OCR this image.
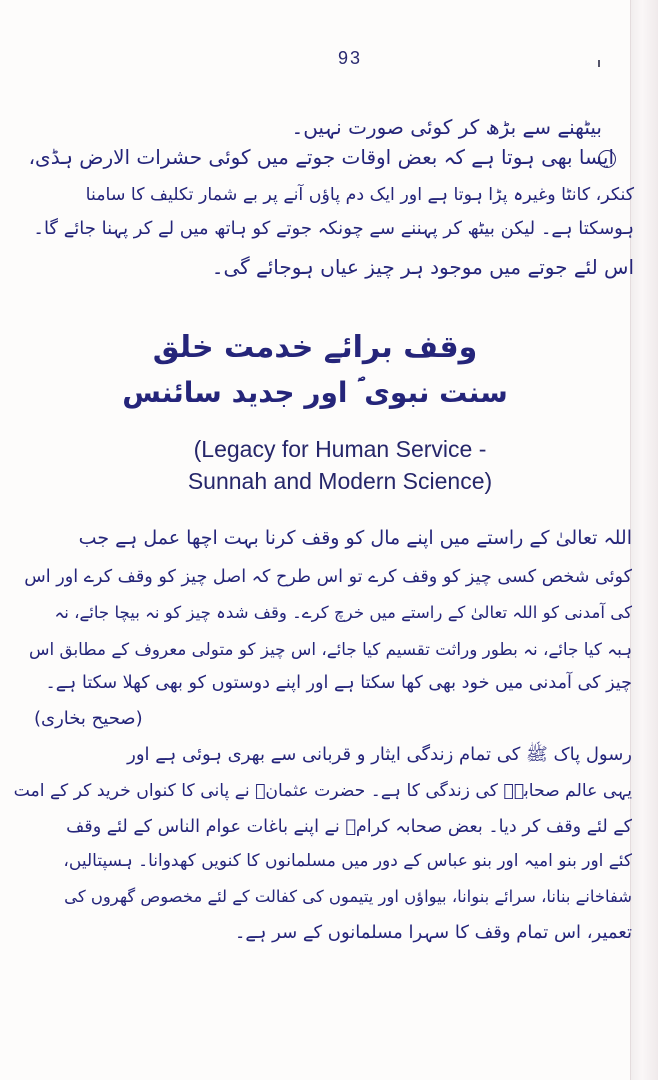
93
بیٹھنے سے بڑھ کر کوئی صورت نہیں۔
ایسا بھی ہوتا ہے کہ بعض اوقات جوتے میں کوئی حشرات الارض ہڈی،
کنکر، کانٹا وغیرہ پڑا ہوتا ہے اور ایک دم پاؤں آنے پر بے شمار تکلیف کا سامنا
ہوسکتا ہے۔ لیکن بیٹھ کر پہننے سے چونکہ جوتے کو ہاتھ میں لے کر پہنا جائے گا۔
اس لئے جوتے میں موجود ہر چیز عیاں ہوجائے گی۔
وقف برائے خدمت خلق
سنت نبوی ؐ اور جدید سائنس
(Legacy for Human Service -
Sunnah and Modern Science)
اللہ تعالیٰ کے راستے میں اپنے مال کو وقف کرنا بہت اچھا عمل ہے جب
کوئی شخص کسی چیز کو وقف کرے تو اس طرح کہ اصل چیز کو وقف کرے اور اس
کی آمدنی کو اللہ تعالیٰ کے راستے میں خرچ کرے۔ وقف شدہ چیز کو نہ بیچا جائے، نہ
ہبہ کیا جائے، نہ بطور وراثت تقسیم کیا جائے، اس چیز کو متولی معروف کے مطابق اس
چیز کی آمدنی میں خود بھی کھا سکتا ہے اور اپنے دوستوں کو بھی کھلا سکتا ہے۔
(صحیح بخاری)
رسول پاک ﷺ کی تمام زندگی ایثار و قربانی سے بھری ہوئی ہے اور
یہی عالم صحابہؓ کی زندگی کا ہے۔ حضرت عثمانؓ نے پانی کا کنواں خرید کر کے امت
کے لئے وقف کر دیا۔ بعض صحابہ کرامؓ نے اپنے باغات عوام الناس کے لئے وقف
کئے اور بنو امیہ اور بنو عباس کے دور میں مسلمانوں کا کنویں کھدوانا۔ ہسپتالیں،
شفاخانے بنانا، سرائے بنوانا، بیواؤں اور یتیموں کی کفالت کے لئے مخصوص گھروں کی
تعمیر، اس تمام وقف کا سہرا مسلمانوں کے سر ہے۔
